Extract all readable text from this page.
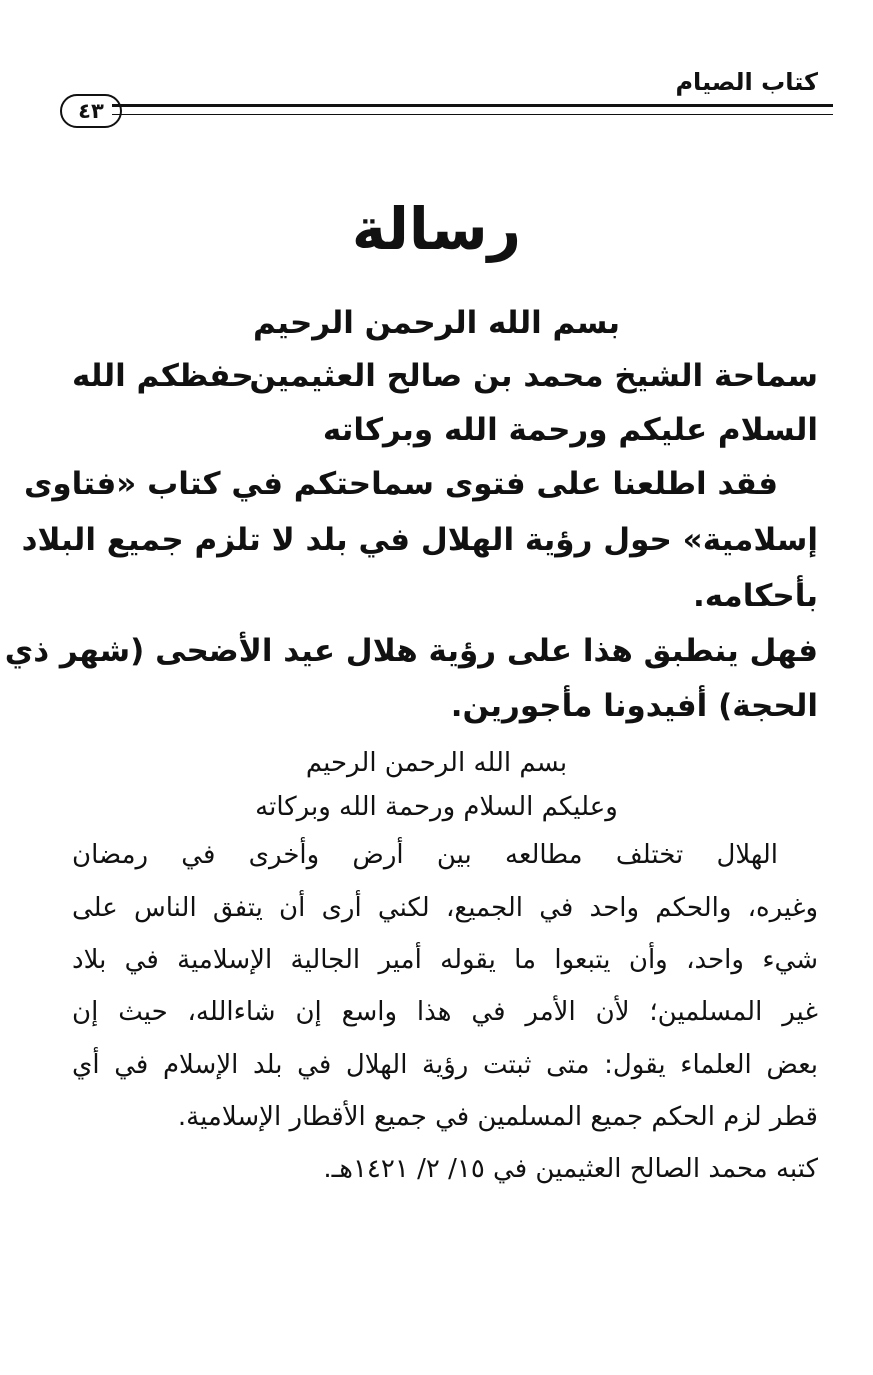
كتاب الصيام
٤٣
رسالة
بسم الله الرحمن الرحيم
سماحة الشيخ محمد بن صالح العثيمين
حفظكم الله
السلام عليكم ورحمة الله وبركاته
فقد اطلعنا على فتوى سماحتكم في كتاب «فتاوى
إسلامية» حول رؤية الهلال في بلد لا تلزم جميع البلاد
بأحكامه.
فهل ينطبق هذا على رؤية هلال عيد الأضحى (شهر ذي
الحجة) أفيدونا مأجورين.
بسم الله الرحمن الرحيم
وعليكم السلام ورحمة الله وبركاته
الهلال تختلف مطالعه بين أرض وأخرى في رمضان
وغيره، والحكم واحد في الجميع، لكني أرى أن يتفق الناس على
شيء واحد، وأن يتبعوا ما يقوله أمير الجالية الإسلامية في بلاد
غير المسلمين؛ لأن الأمر في هذا واسع إن شاءالله، حيث إن
بعض العلماء يقول: متى ثبتت رؤية الهلال في بلد الإسلام في أي
قطر لزم الحكم جميع المسلمين في جميع الأقطار الإسلامية.
كتبه محمد الصالح العثيمين في ١٥/ ٢/ ١٤٢١هـ.
